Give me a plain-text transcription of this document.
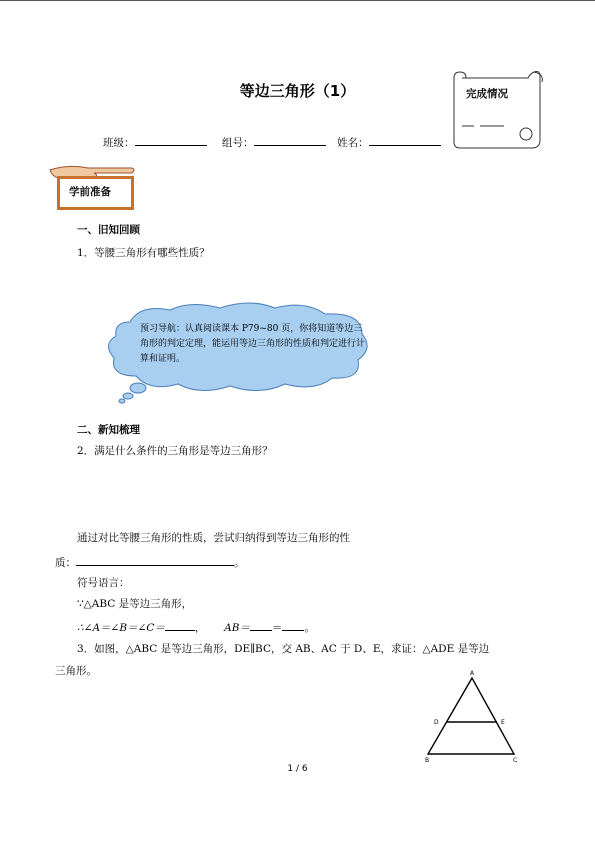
等边三角形（1）
班级：	组号：	姓名：
完成情况
学前准备
一、旧知回顾
1．等腰三角形有哪些性质？
预习导航：认真阅读课本 P79~80 页，你将知道等边三角形的判定定理，能运用等边三角形的性质和判定进行计算和证明。
二、新知梳理
2．满足什么条件的三角形是等边三角形？
通过对比等腰三角形的性质，尝试归纳得到等边三角形的性
质：	。
符号语言：
∵△ABC 是等边三角形，
∴∠A＝∠B＝∠C＝	， AB＝ ＝ 。
3．如图，△ABC 是等边三角形，DE∥BC，交 AB、AC 于 D、E，求证：△ADE 是等边
三角形。	A
D	E
B	C
1 / 6
